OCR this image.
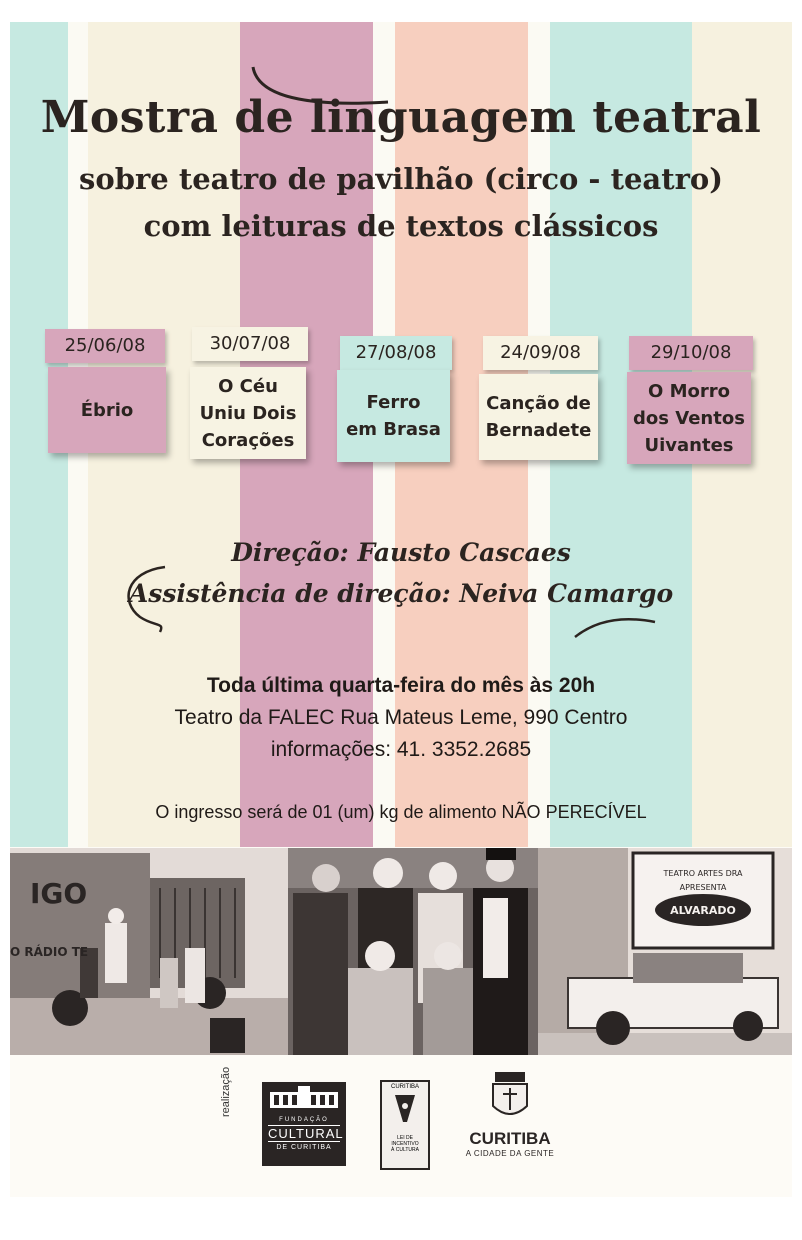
Mostra de linguagem teatral
sobre teatro de pavilhão (circo - teatro)
com leituras de textos clássicos
25/06/08
Ébrio
30/07/08
O Céu
Uniu Dois
Corações
27/08/08
Ferro
em Brasa
24/09/08
Canção de
Bernadete
29/10/08
O Morro
dos Ventos
Uivantes
Direção: Fausto Cascaes
Assistência de direção: Neiva Camargo
Toda última quarta-feira do mês às 20h
Teatro da FALEC Rua Mateus Leme, 990 Centro
informações: 41. 3352.2685
O ingresso será de 01 (um) kg de alimento NÃO PERECÍVEL
IGO
O RÁDIO TE
TEATRO ARTES DRA
APRESENTA
ALVARADO
realização
FUNDAÇÃO
CULTURAL
DE CURITIBA
CURITIBA
LEI DE
INCENTIVO
À CULTURA
CURITIBA
A CIDADE DA GENTE
